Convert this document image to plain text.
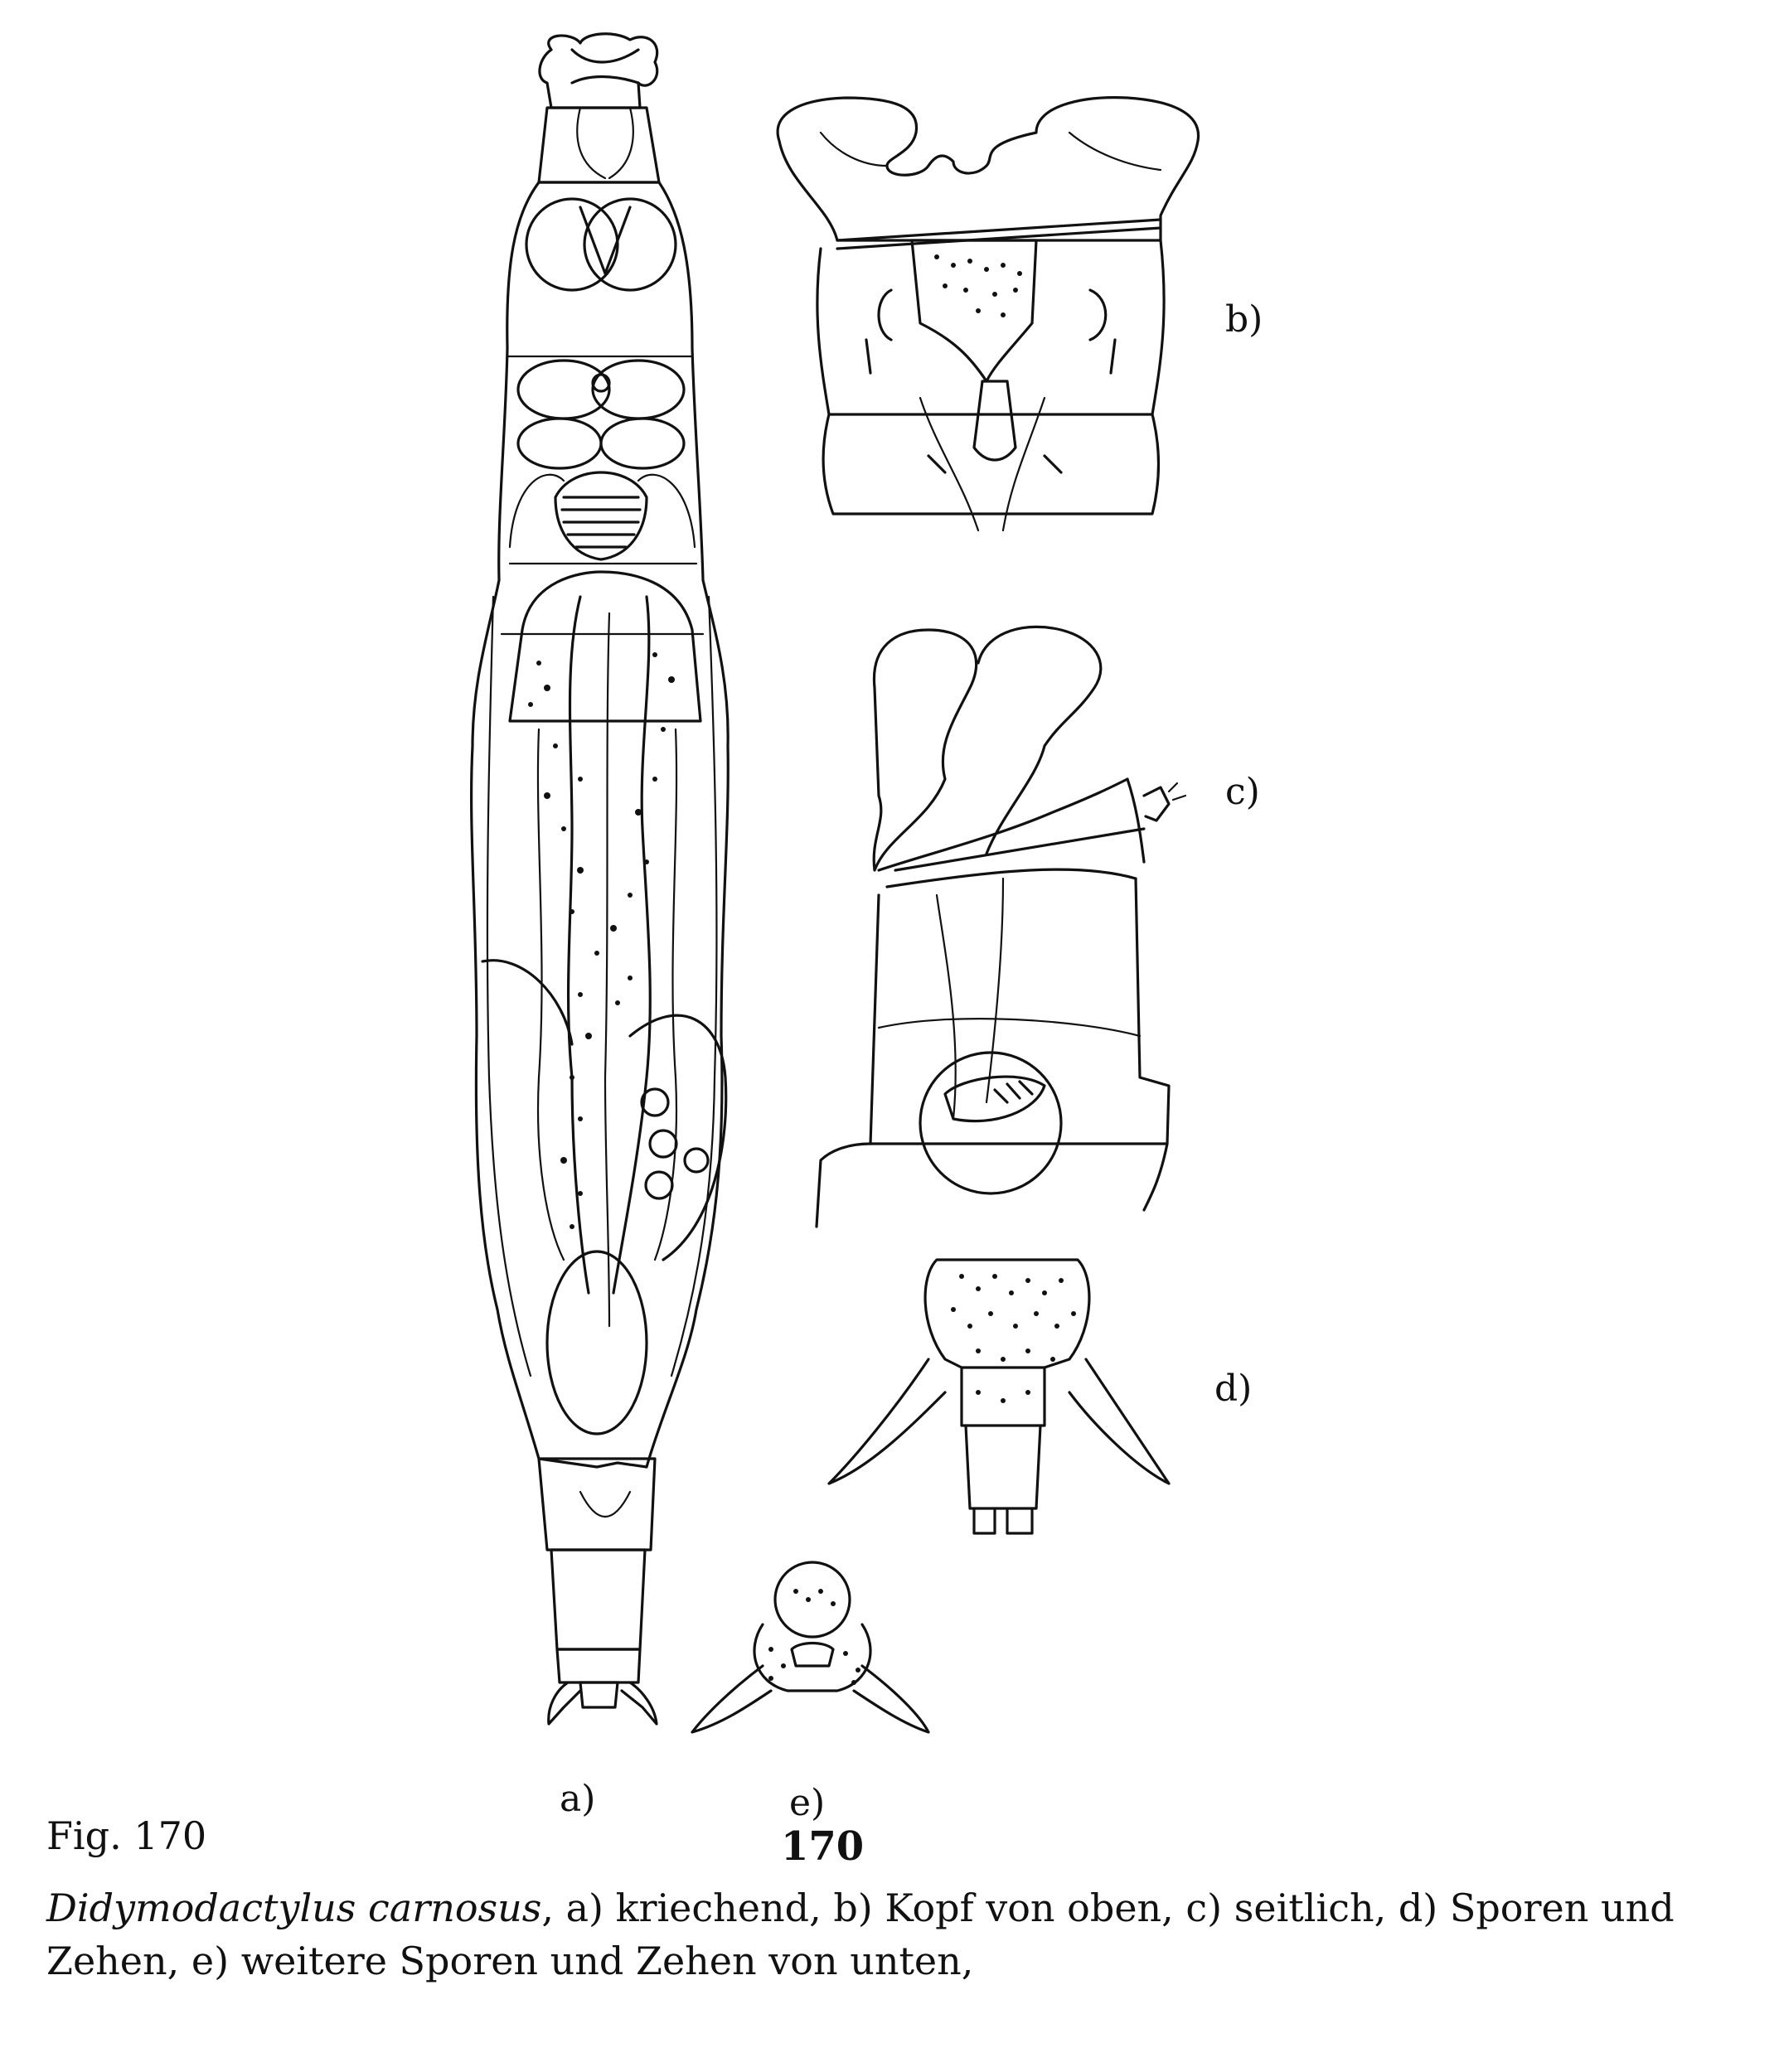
a)
b)
c)
d)
e)
Fig. 170	170
Didymodactylus carnosus, a) kriechend, b) Kopf von oben, c) seitlich, d) Sporen und Zehen, e) weitere Sporen und Zehen von unten,
